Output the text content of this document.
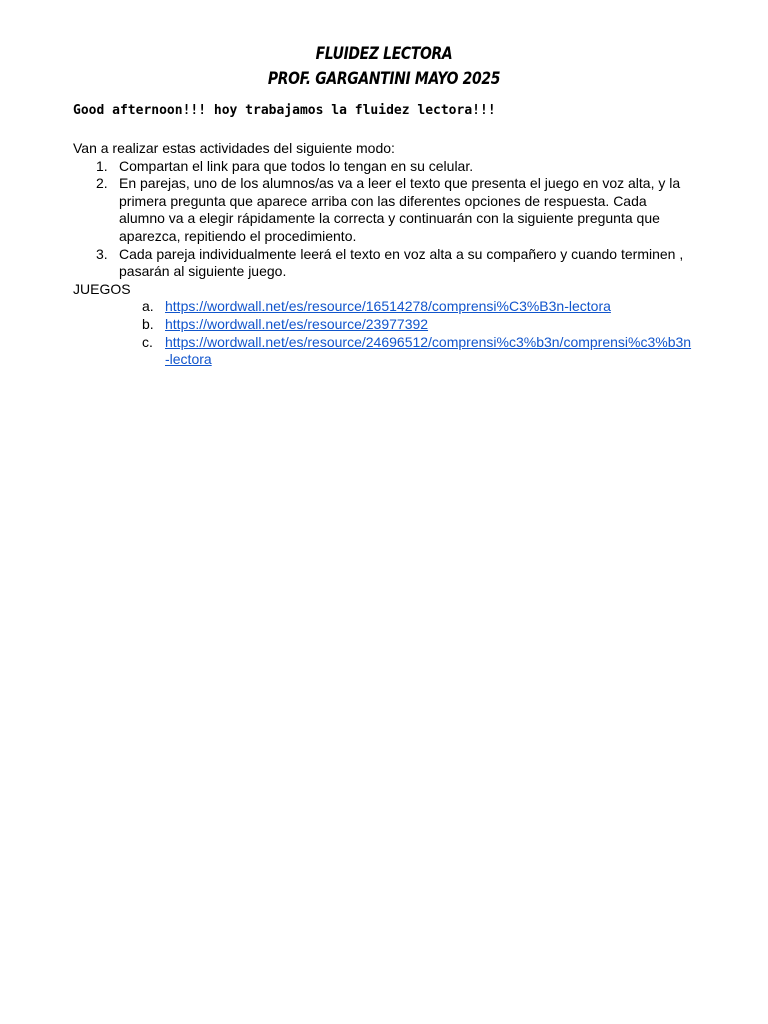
FLUIDEZ LECTORA
PROF. GARGANTINI MAYO 2025

Good afternoon!!! hoy trabajamos la fluidez lectora!!!

Van a realizar estas actividades del siguiente modo:

1. Compartan el link para que todos lo tengan en su celular.
2. En parejas, uno de los alumnos/as va a leer el texto que presenta el juego en voz alta, y la primera pregunta que aparece arriba con las diferentes opciones de respuesta. Cada alumno va a elegir rápidamente la correcta y continuarán con la siguiente pregunta que aparezca, repitiendo el procedimiento.
3. Cada pareja individualmente leerá el texto en voz alta a su compañero y cuando terminen , pasarán al siguiente juego.

JUEGOS

a. https://wordwall.net/es/resource/16514278/comprensi%C3%B3n-lectora
b. https://wordwall.net/es/resource/23977392
c. https://wordwall.net/es/resource/24696512/comprensi%c3%b3n/comprensi%c3%b3n-lectora
